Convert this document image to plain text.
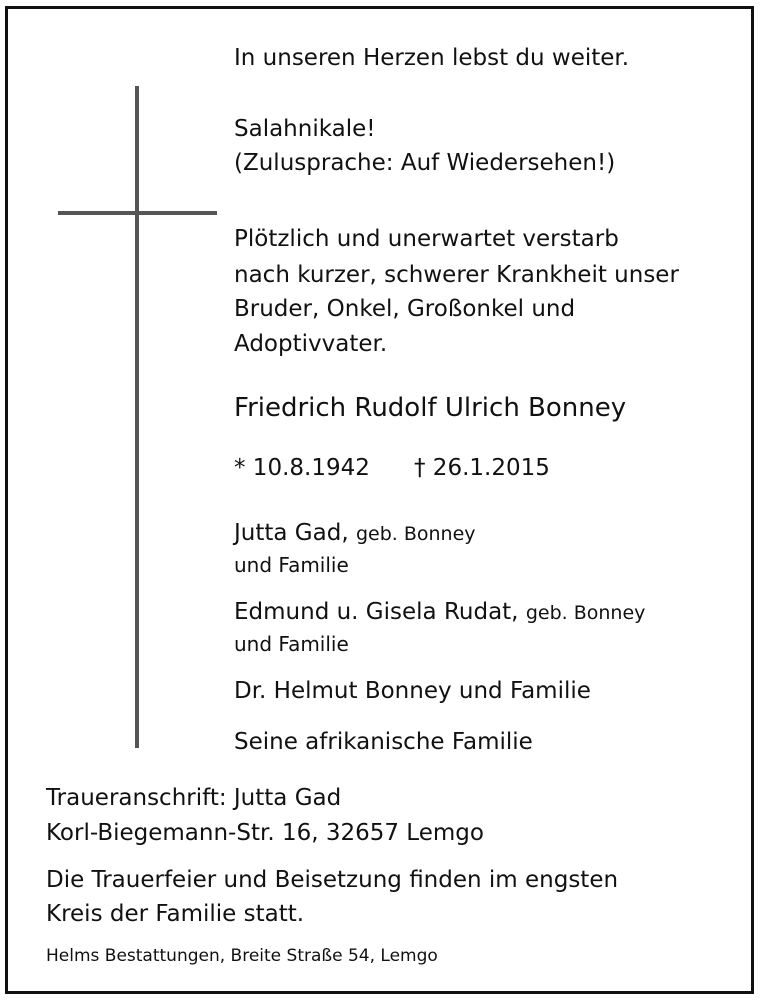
In unseren Herzen lebst du weiter.

Salahnikale!

(Zulusprache: Auf Wiedersehen!)

Plötzlich und unerwartet verstarb

nach kurzer, schwerer Krankheit unser

Bruder, Onkel, Großonkel und

Adoptivvater.

Friedrich Rudolf Ulrich Bonney

* 10.8.1942 † 26.1.2015

Jutta Gad, geb. Bonney

und Familie

Edmund u. Gisela Rudat, geb. Bonney

und Familie

Dr. Helmut Bonney und Familie

Seine afrikanische Familie

Traueranschrift: Jutta Gad

Korl-Biegemann-Str. 16, 32657 Lemgo

Die Trauerfeier und Beisetzung finden im engsten

Kreis der Familie statt.

Helms Bestattungen, Breite Straße 54, Lemgo
